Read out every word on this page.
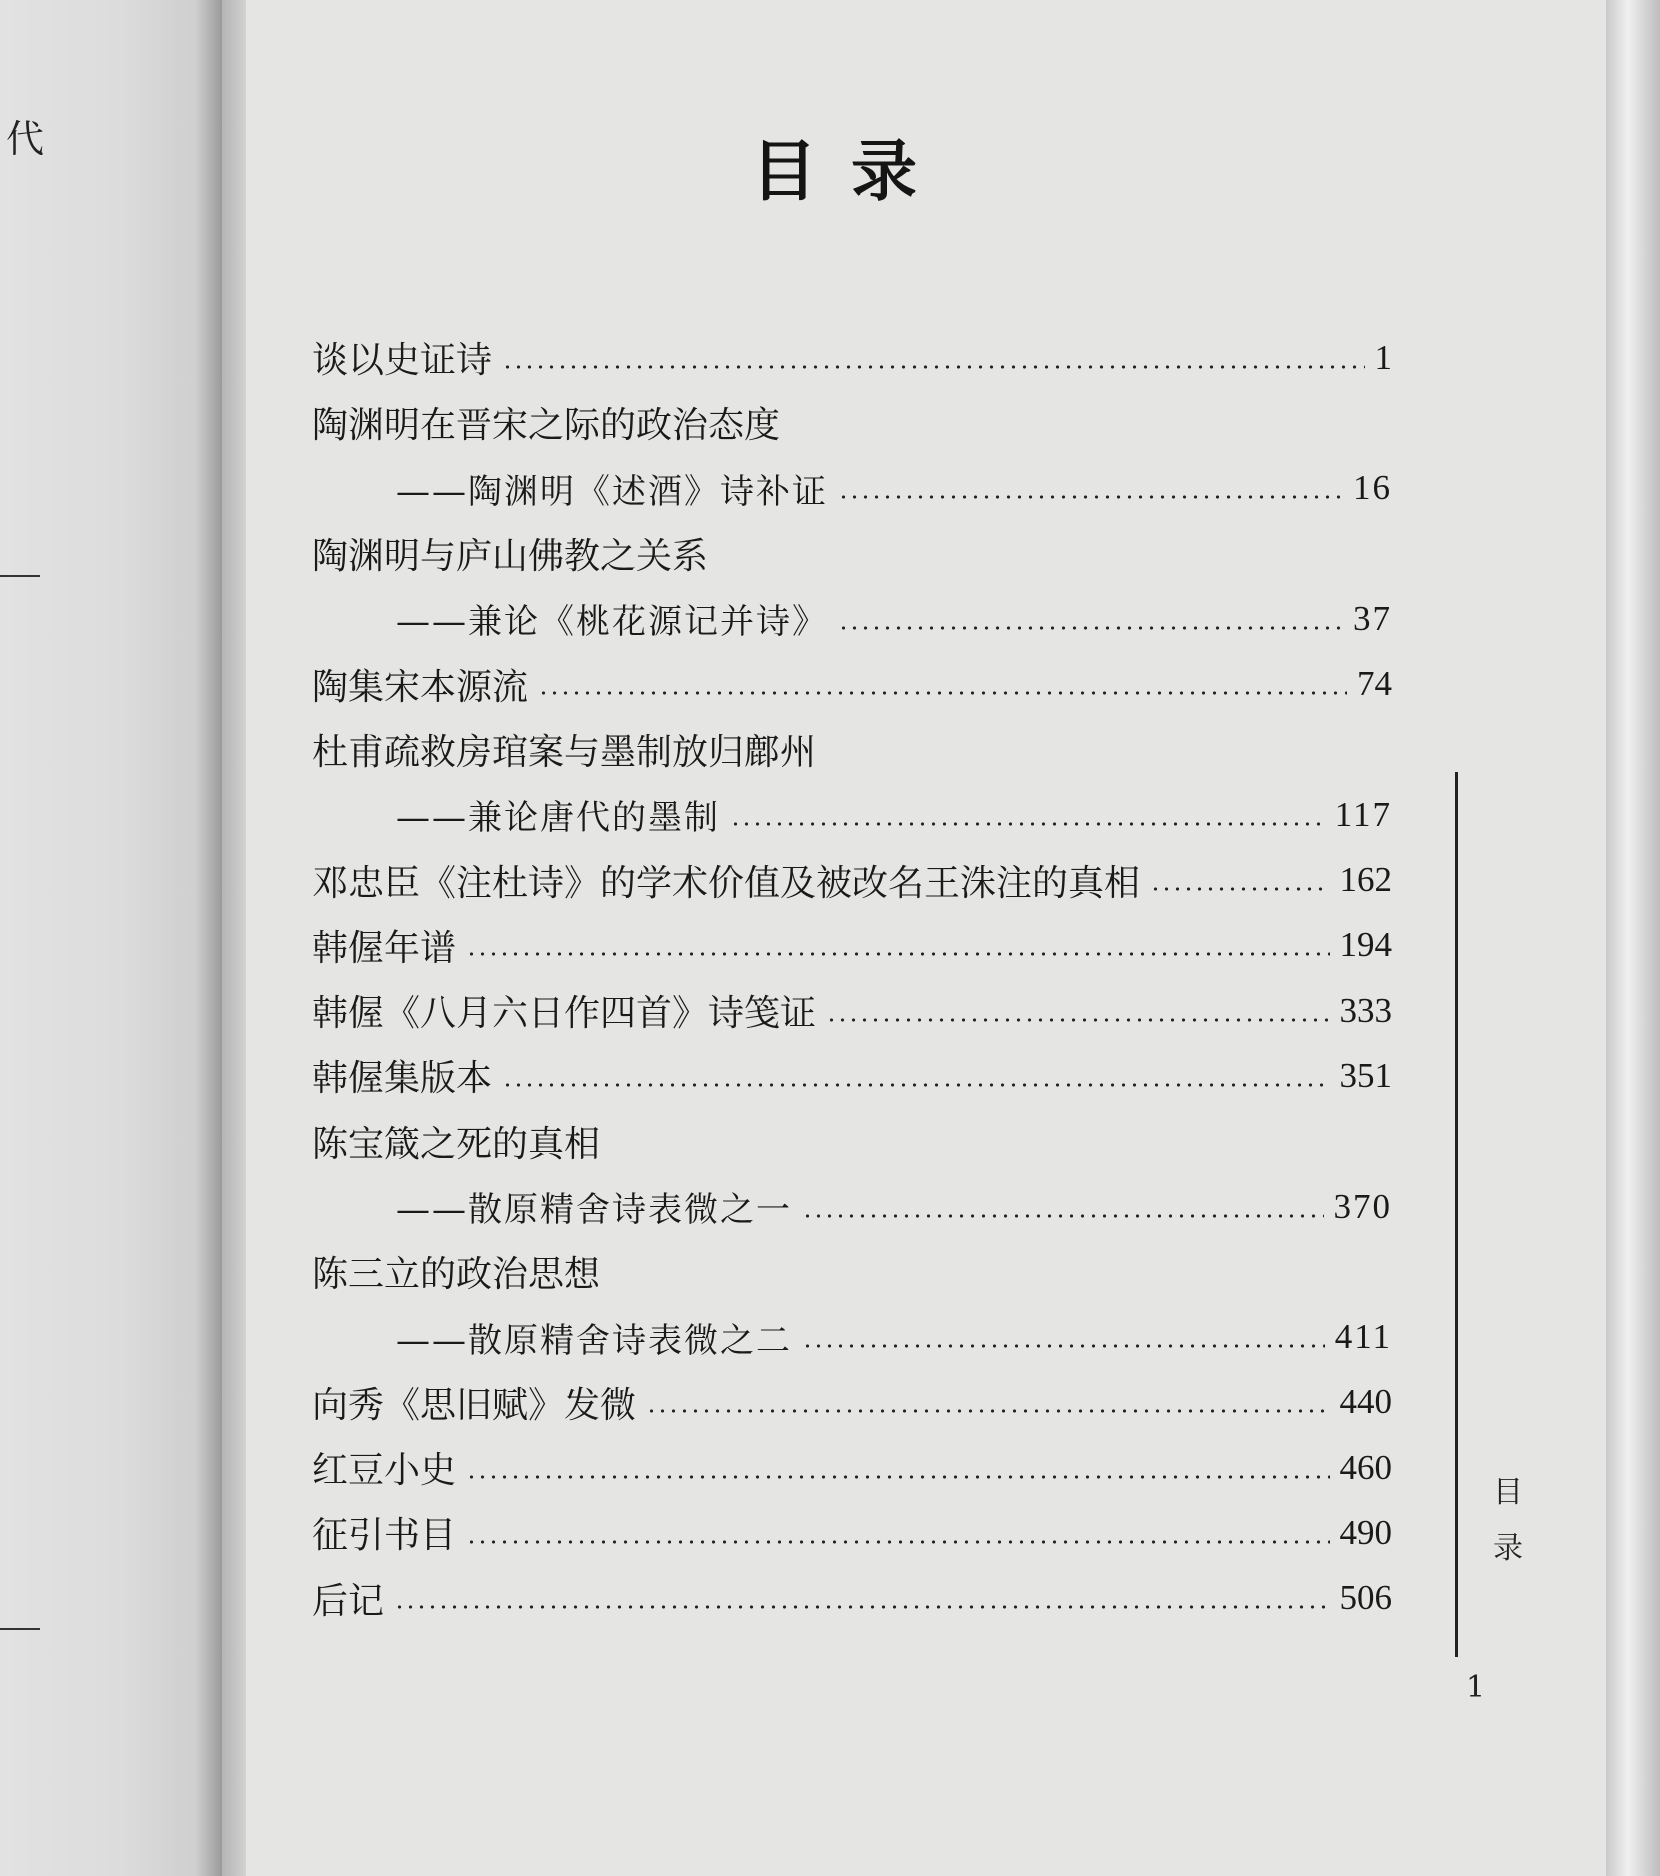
代	目录
谈以史证诗	1
陶渊明在晋宋之际的政治态度
——陶渊明《述酒》诗补证	16
陶渊明与庐山佛教之关系
——兼论《桃花源记并诗》	37
陶集宋本源流	74
杜甫疏救房琯案与墨制放归鄜州
——兼论唐代的墨制	117
邓忠臣《注杜诗》的学术价值及被改名王洙注的真相	162
韩偓年谱	194
韩偓《八月六日作四首》诗笺证	333
韩偓集版本	351
陈宝箴之死的真相
——散原精舍诗表微之一	370
陈三立的政治思想
——散原精舍诗表微之二	411
向秀《思旧赋》发微	440
红豆小史	460
征引书目	490
后记	506
目
录
1
